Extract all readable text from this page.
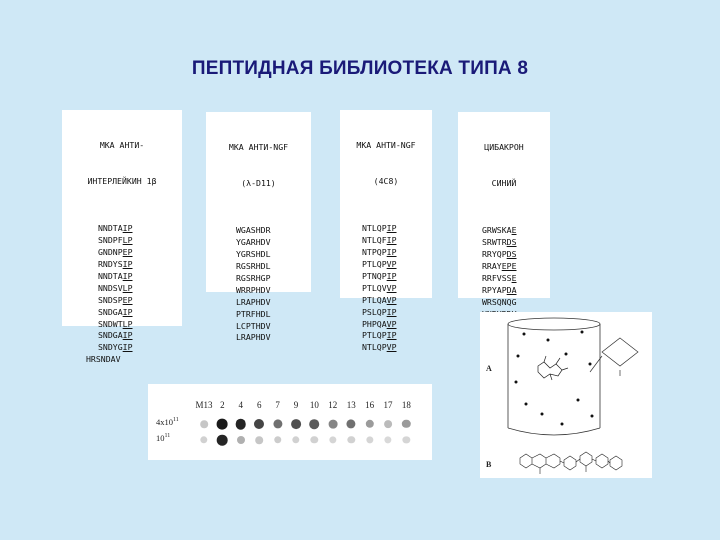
ПЕПТИДНАЯ БИБЛИОТЕКА ТИПА 8

МКА АНТИ-

ИНТЕРЛЕЙКИН 1β

NNDTAIP
SNDPFLP
GNDNPEP
RNDYSIP
NNDTAIP
NNDSVLP
SNDSPEP
SNDGAIP
SNDWTLP
SNDGAIP
SNDYGIP
HRSNDAV

МКА АНТИ-NGF

(λ-D11)

WGASHDR
YGARHDV
YGRSHDL
RGSRHDL
RGSRHGP
WRRPHDV
LRAPHDV
PTRFHDL
LCPTHDV
LRAPHDV

МКА АНТИ-NGF

(4C8)

NTLQPIP
NTLQFIP
NTPQPIP
PTLQPVP
PTNQPIP
PTLQVVP
PTLQAVP
PSLQPIP
PHPQAVP
PTLQPIP
NTLQPVP

ЦИБАКРОН

СИНИЙ

GRWSKAE
SRWTRDS
RRYQPDS
RRAYEPE
RRFVSSE
RPYAPDA
WRSQNQG
M13 2 4 6 7 9 10 12 13 16 17 18
$4x10^{11}$
$10^{11}$
A
B
